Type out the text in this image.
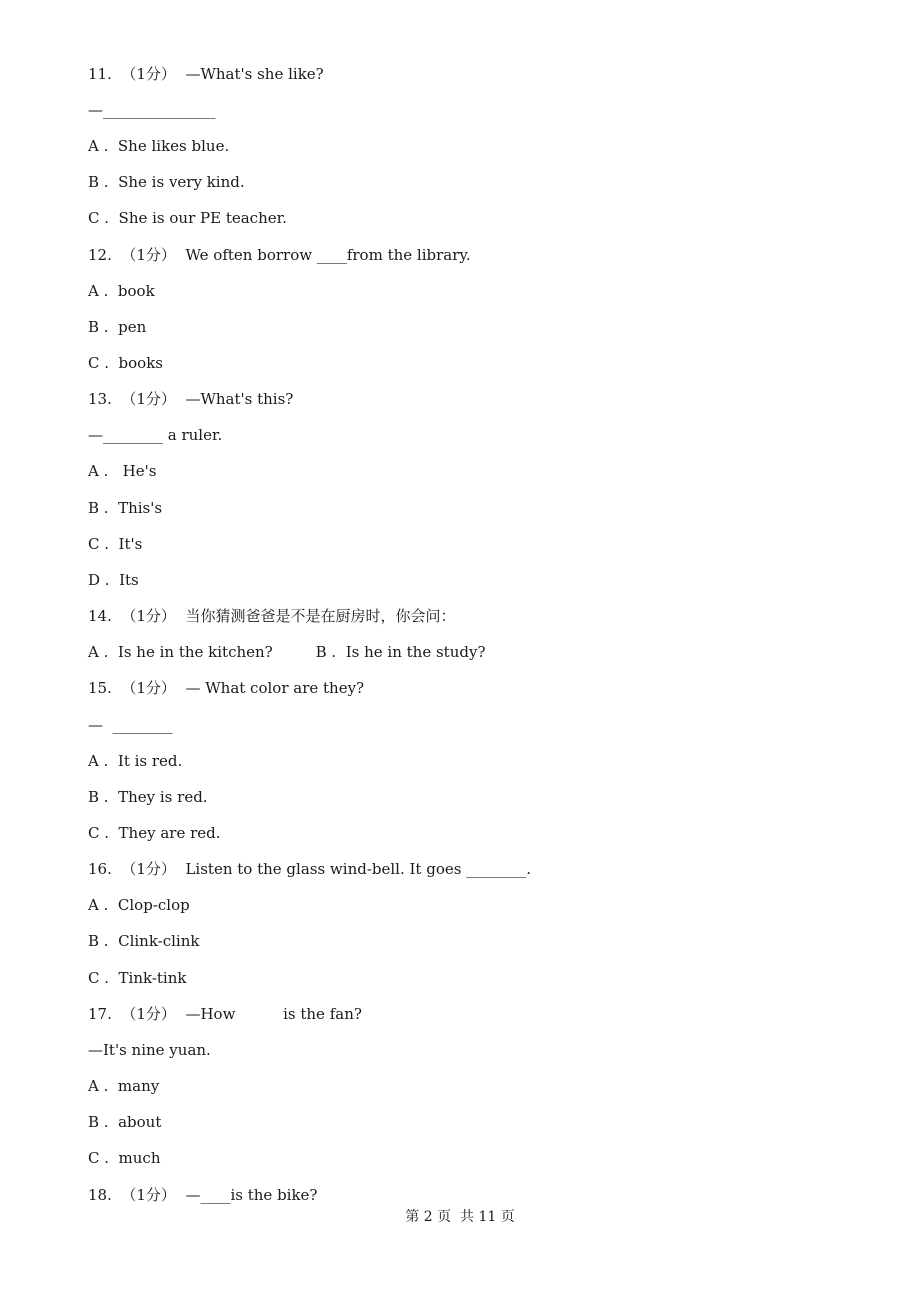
11.  （1分）  —What's she like?
—_______________
A .  She likes blue.
B .  She is very kind.
C .  She is our PE teacher.
12.  （1分）  We often borrow ____from the library.
A .  book
B .  pen
C .  books
13.  （1分）  —What's this?
—________ a ruler.
A .   He's
B .  This's
C .  It's
D .  Its
14.  （1分）  当你猜测爸爸是不是在厨房时，你会问：
A .  Is he in the kitchen?         B .  Is he in the study?
15.  （1分）  — What color are they?
—  ________
A .  It is red.
B .  They is red.
C .  They are red.
16.  （1分）  Listen to the glass wind-bell. It goes ________.
A .  Clop-clop
B .  Clink-clink
C .  Tink-tink
17.  （1分）  —How          is the fan?
—It's nine yuan.
A .  many
B .  about
C .  much
18.  （1分）  —____is the bike?
第 2 页  共 11 页
